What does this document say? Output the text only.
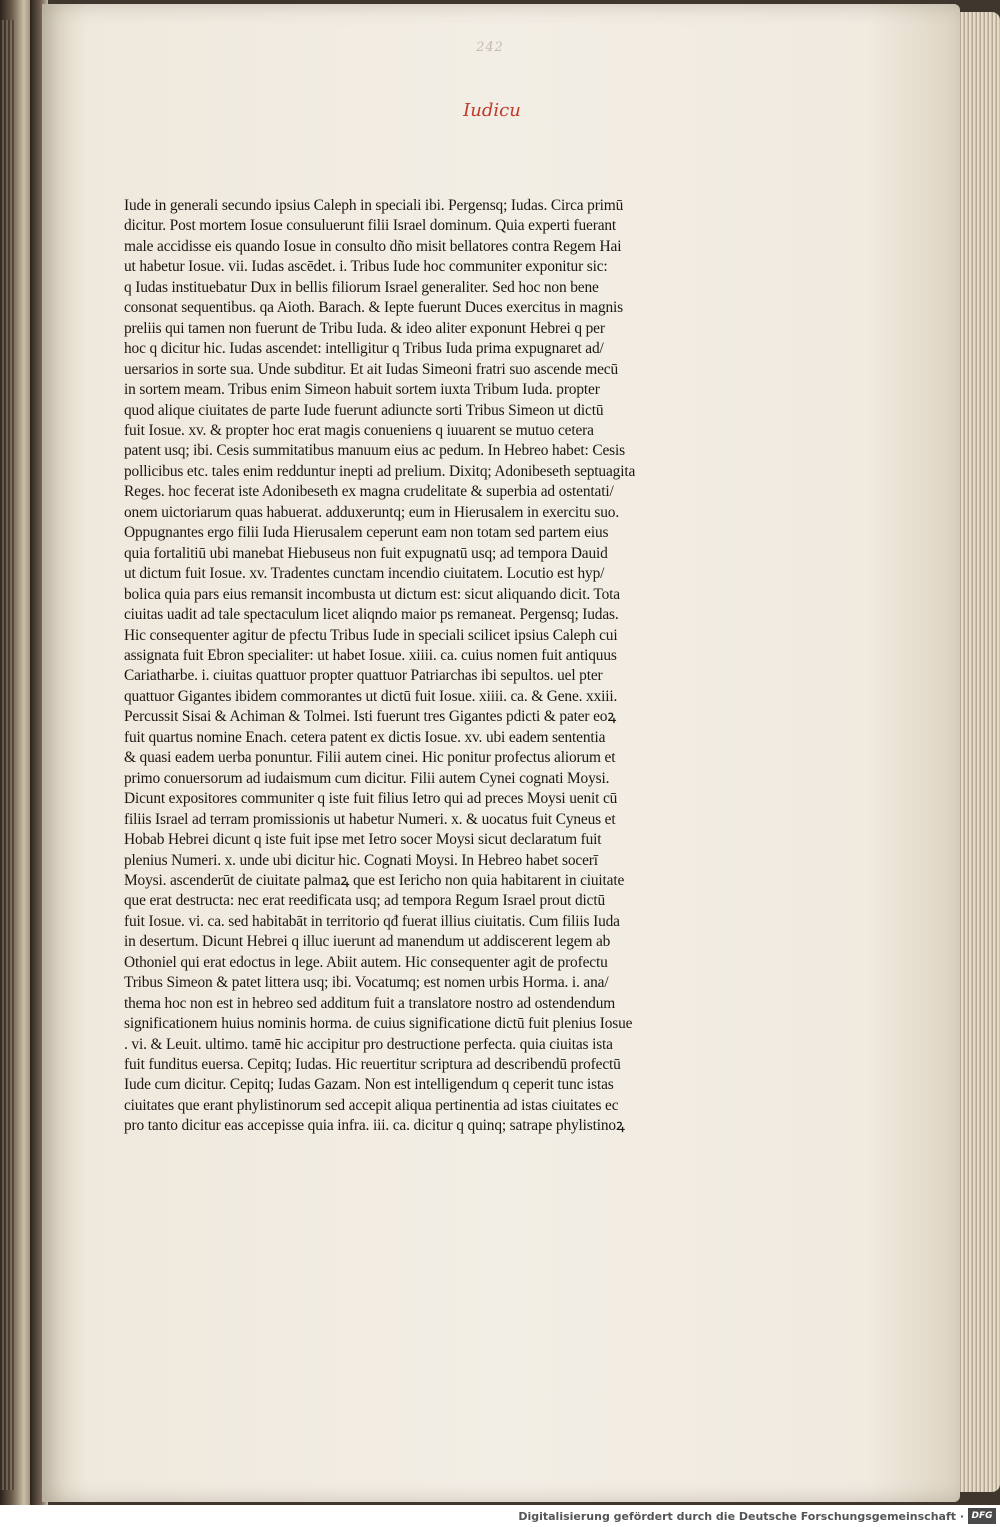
242
Iudicu
Iude in generali secundo ipsius Caleph in speciali ibi. Pergensq; Iudas. Circa primū
dicitur. Post mortem Iosue consuluerunt filii Israel dominum. Quia experti fuerant
male accidisse eis quando Iosue in consulto dño misit bellatores contra Regem Hai
ut habetur Iosue. vii. Iudas ascēdet. i. Tribus Iude hoc communiter exponitur sic:
q Iudas instituebatur Dux in bellis filiorum Israel generaliter. Sed hoc non bene
consonat sequentibus. qa Aioth. Barach. & Iepte fuerunt Duces exercitus in magnis
preliis qui tamen non fuerunt de Tribu Iuda. & ideo aliter exponunt Hebrei q per
hoc q dicitur hic. Iudas ascendet: intelligitur q Tribus Iuda prima expugnaret ad/
uersarios in sorte sua. Unde subditur. Et ait Iudas Simeoni fratri suo ascende mecū
in sortem meam. Tribus enim Simeon habuit sortem iuxta Tribum Iuda. propter
quod alique ciuitates de parte Iude fuerunt adiuncte sorti Tribus Simeon ut dictū
fuit Iosue. xv. & propter hoc erat magis conueniens q iuuarent se mutuo cetera
patent usq; ibi. Cesis summitatibus manuum eius ac pedum. In Hebreo habet: Cesis
pollicibus etc. tales enim redduntur inepti ad prelium. Dixitq; Adonibeseth septuagita
Reges. hoc fecerat iste Adonibeseth ex magna crudelitate & superbia ad ostentati/
onem uictoriarum quas habuerat. adduxeruntq; eum in Hierusalem in exercitu suo.
Oppugnantes ergo filii Iuda Hierusalem ceperunt eam non totam sed partem eius
quia fortalitiū ubi manebat Hiebuseus non fuit expugnatū usq; ad tempora Dauid
ut dictum fuit Iosue. xv. Tradentes cunctam incendio ciuitatem. Locutio est hyp/
bolica quia pars eius remansit incombusta ut dictum est: sicut aliquando dicit. Tota
ciuitas uadit ad tale spectaculum licet aliqndo maior ps remaneat. Pergensq; Iudas.
Hic consequenter agitur de pfectu Tribus Iude in speciali scilicet ipsius Caleph cui
assignata fuit Ebron specialiter: ut habet Iosue. xiiii. ca. cuius nomen fuit antiquus
Cariatharbe. i. ciuitas quattuor propter quattuor Patriarchas ibi sepultos. uel pter
quattuor Gigantes ibidem commorantes ut dictū fuit Iosue. xiiii. ca. & Gene. xxiii.
Percussit Sisai & Achiman & Tolmei. Isti fuerunt tres Gigantes pdicti & pater eoꝝ
fuit quartus nomine Enach. cetera patent ex dictis Iosue. xv. ubi eadem sententia
& quasi eadem uerba ponuntur. Filii autem cinei. Hic ponitur profectus aliorum et
primo conuersorum ad iudaismum cum dicitur. Filii autem Cynei cognati Moysi.
Dicunt expositores communiter q iste fuit filius Ietro qui ad preces Moysi uenit cū
filiis Israel ad terram promissionis ut habetur Numeri. x. & uocatus fuit Cyneus et
Hobab Hebrei dicunt q iste fuit ipse met Ietro socer Moysi sicut declaratum fuit
plenius Numeri. x. unde ubi dicitur hic. Cognati Moysi. In Hebreo habet socerī
Moysi. ascenderūt de ciuitate palmaꝝ que est Iericho non quia habitarent in ciuitate
que erat destructa: nec erat reedificata usq; ad tempora Regum Israel prout dictū
fuit Iosue. vi. ca. sed habitabāt in territorio qđ fuerat illius ciuitatis. Cum filiis Iuda
in desertum. Dicunt Hebrei q illuc iuerunt ad manendum ut addiscerent legem ab
Othoniel qui erat edoctus in lege. Abiit autem. Hic consequenter agit de profectu
Tribus Simeon & patet littera usq; ibi. Vocatumq; est nomen urbis Horma. i. ana/
thema hoc non est in hebreo sed additum fuit a translatore nostro ad ostendendum
significationem huius nominis horma. de cuius significatione dictū fuit plenius Iosue
. vi. & Leuit. ultimo. tamē hic accipitur pro destructione perfecta. quia ciuitas ista
fuit funditus euersa. Cepitq; Iudas. Hic reuertitur scriptura ad describendū profectū
Iude cum dicitur. Cepitq; Iudas Gazam. Non est intelligendum q ceperit tunc istas
ciuitates que erant phylistinorum sed accepit aliqua pertinentia ad istas ciuitates ec
pro tanto dicitur eas accepisse quia infra. iii. ca. dicitur q quinq; satrape phylistinoꝝ
Digitalisierung gefördert durch die Deutsche Forschungsgemeinschaft · DFG
